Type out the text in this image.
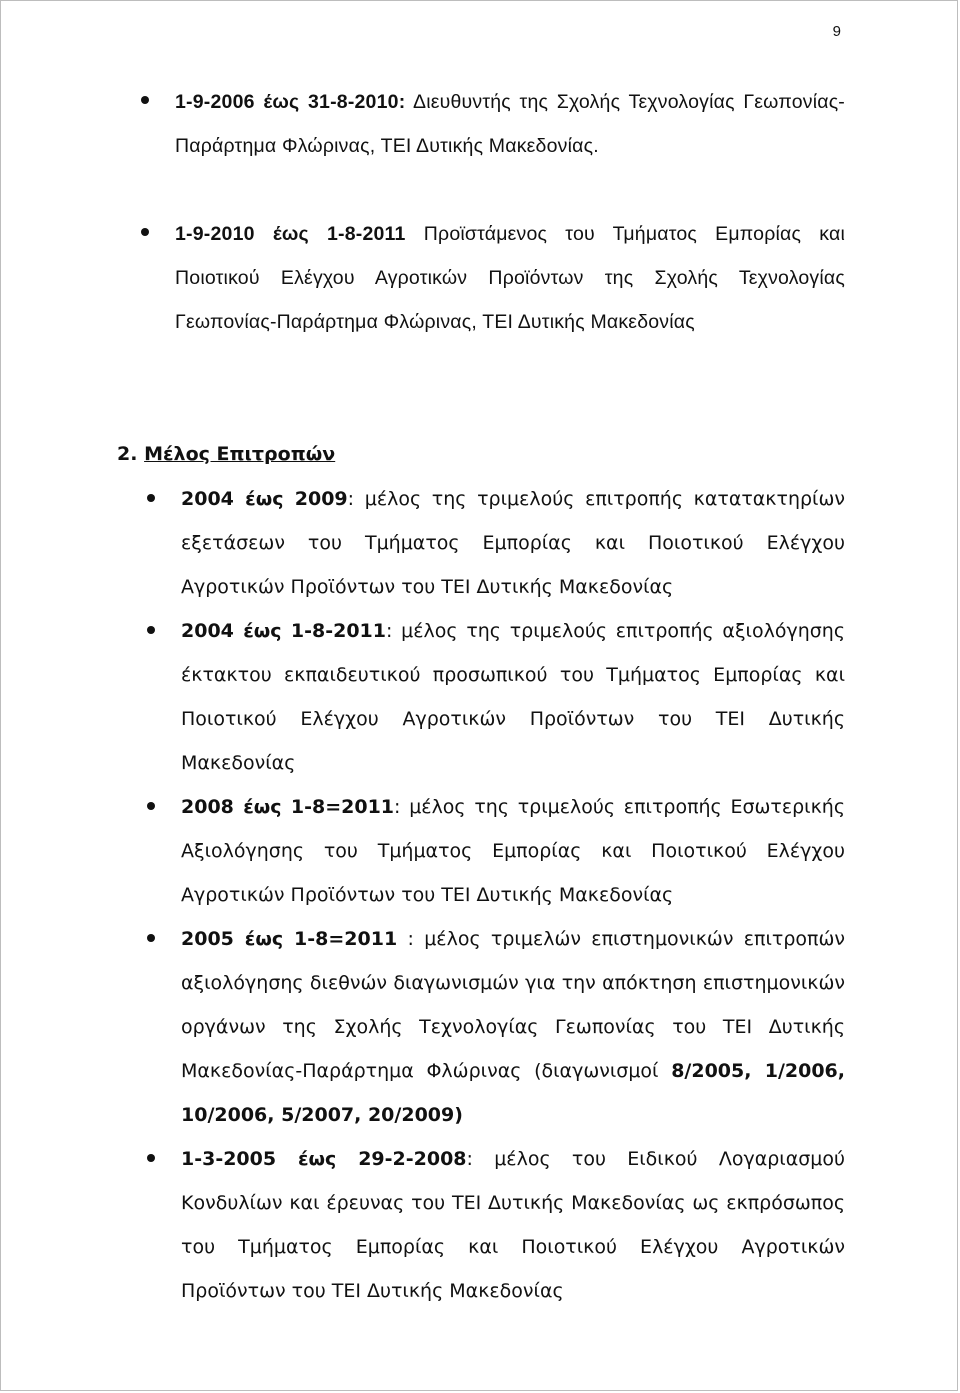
9
1-9-2006 έως 31-8-2010: Διευθυντής της Σχολής Τεχνολογίας Γεωπονίας-Παράρτημα Φλώρινας, ΤΕΙ Δυτικής Μακεδονίας.
1-9-2010 έως 1-8-2011 Προϊστάμενος του Τμήματος Εμπορίας και Ποιοτικού Ελέγχου Αγροτικών Προϊόντων της Σχολής Τεχνολογίας Γεωπονίας-Παράρτημα Φλώρινας, ΤΕΙ Δυτικής Μακεδονίας
2. Μέλος Επιτροπών
2004 έως 2009: μέλος της τριμελούς επιτροπής κατατακτηρίων εξετάσεων του Τμήματος Εμπορίας και Ποιοτικού Ελέγχου Αγροτικών Προϊόντων του ΤΕΙ Δυτικής Μακεδονίας
2004 έως 1-8-2011: μέλος της τριμελούς επιτροπής αξιολόγησης έκτακτου εκπαιδευτικού προσωπικού του Τμήματος Εμπορίας και Ποιοτικού Ελέγχου Αγροτικών Προϊόντων του ΤΕΙ Δυτικής Μακεδονίας
2008 έως 1-8=2011: μέλος της τριμελούς επιτροπής Εσωτερικής Αξιολόγησης του Τμήματος Εμπορίας και Ποιοτικού Ελέγχου Αγροτικών Προϊόντων του ΤΕΙ Δυτικής Μακεδονίας
2005 έως 1-8=2011 : μέλος τριμελών επιστημονικών επιτροπών αξιολόγησης διεθνών διαγωνισμών για την απόκτηση επιστημονικών οργάνων της Σχολής Τεχνολογίας Γεωπονίας του ΤΕΙ Δυτικής Μακεδονίας-Παράρτημα Φλώρινας (διαγωνισμοί 8/2005, 1/2006, 10/2006, 5/2007, 20/2009)
1-3-2005 έως 29-2-2008: μέλος του Ειδικού Λογαριασμού Κονδυλίων και έρευνας του ΤΕΙ Δυτικής Μακεδονίας ως εκπρόσωπος του Τμήματος Εμπορίας και Ποιοτικού Ελέγχου Αγροτικών Προϊόντων του ΤΕΙ Δυτικής Μακεδονίας
